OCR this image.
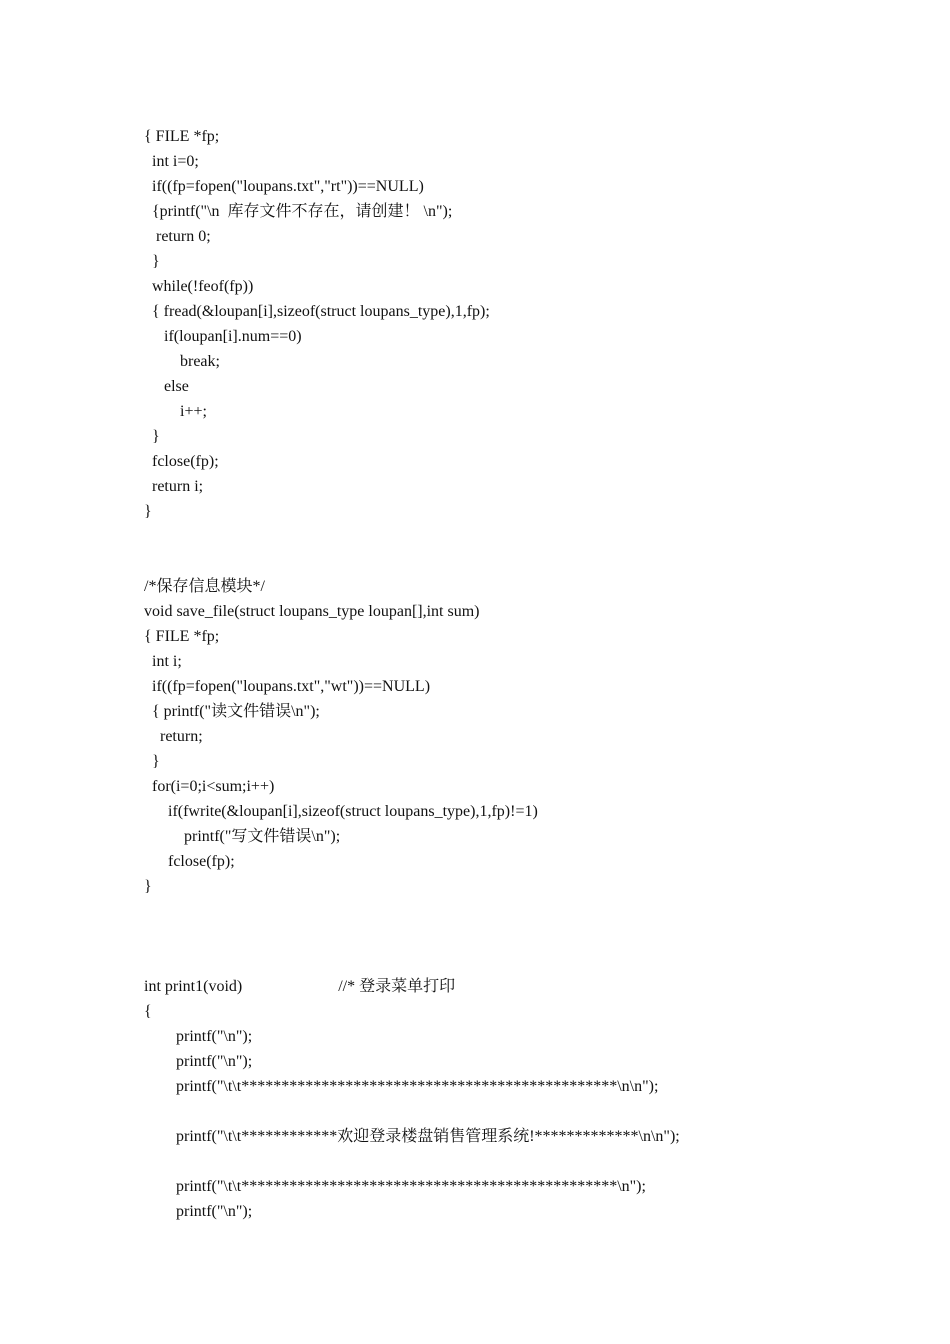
{ FILE *fp;
int i=0;
if((fp=fopen("loupans.txt","rt"))==NULL)
{printf("\n  库存文件不存在，请创建！ \n");
return 0;
}
while(!feof(fp))
{ fread(&loupan[i],sizeof(struct loupans_type),1,fp);
if(loupan[i].num==0)
break;
else
i++;
}
fclose(fp);
return i;
}
/*保存信息模块*/
void save_file(struct loupans_type loupan[],int sum)
{ FILE *fp;
int i;
if((fp=fopen("loupans.txt","wt"))==NULL)
{ printf("读文件错误\n");
return;
}
for(i=0;i<sum;i++)
if(fwrite(&loupan[i],sizeof(struct loupans_type),1,fp)!=1)
printf("写文件错误\n");
fclose(fp);
}
int print1(void)                        //* 登录菜单打印
{
printf("\n");
printf("\n");
printf("\t\t***********************************************\n\n");
printf("\t\t************欢迎登录楼盘销售管理系统!*************\n\n");
printf("\t\t***********************************************\n");
printf("\n");
